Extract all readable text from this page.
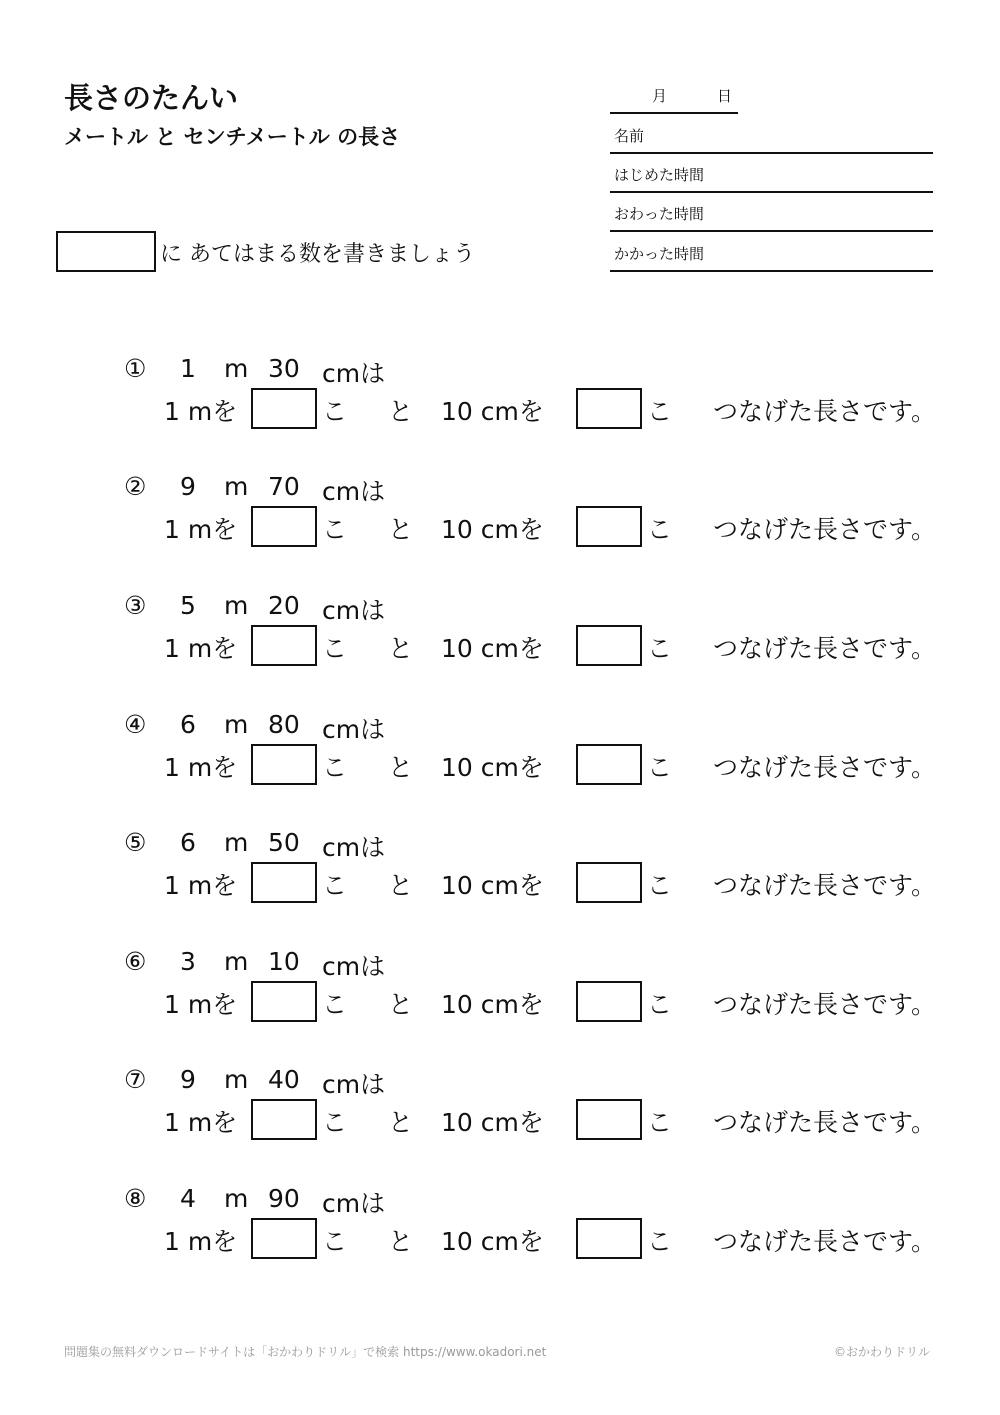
長さのたんい
メートル と センチメートル の長さ
に あてはまる数を書きましょう
月	日
名前
はじめた時間
おわった時間
かかった時間
① 1 m 30 cmは
1 mを	こ と 10 cmを	こ つなげた長さです。
② 9 m 70 cmは
1 mを	こ と 10 cmを	こ つなげた長さです。
③ 5 m 20 cmは
1 mを	こ と 10 cmを	こ つなげた長さです。
④ 6 m 80 cmは
1 mを	こ と 10 cmを	こ つなげた長さです。
⑤ 6 m 50 cmは
1 mを	こ と 10 cmを	こ つなげた長さです。
⑥ 3 m 10 cmは
1 mを	こ と 10 cmを	こ つなげた長さです。
⑦ 9 m 40 cmは
1 mを	こ と 10 cmを	こ つなげた長さです。
⑧ 4 m 90 cmは
1 mを	こ と 10 cmを	こ つなげた長さです。
問題集の無料ダウンロードサイトは「おかわりドリル」で検索 https://www.okadori.net	©おかわりドリル
